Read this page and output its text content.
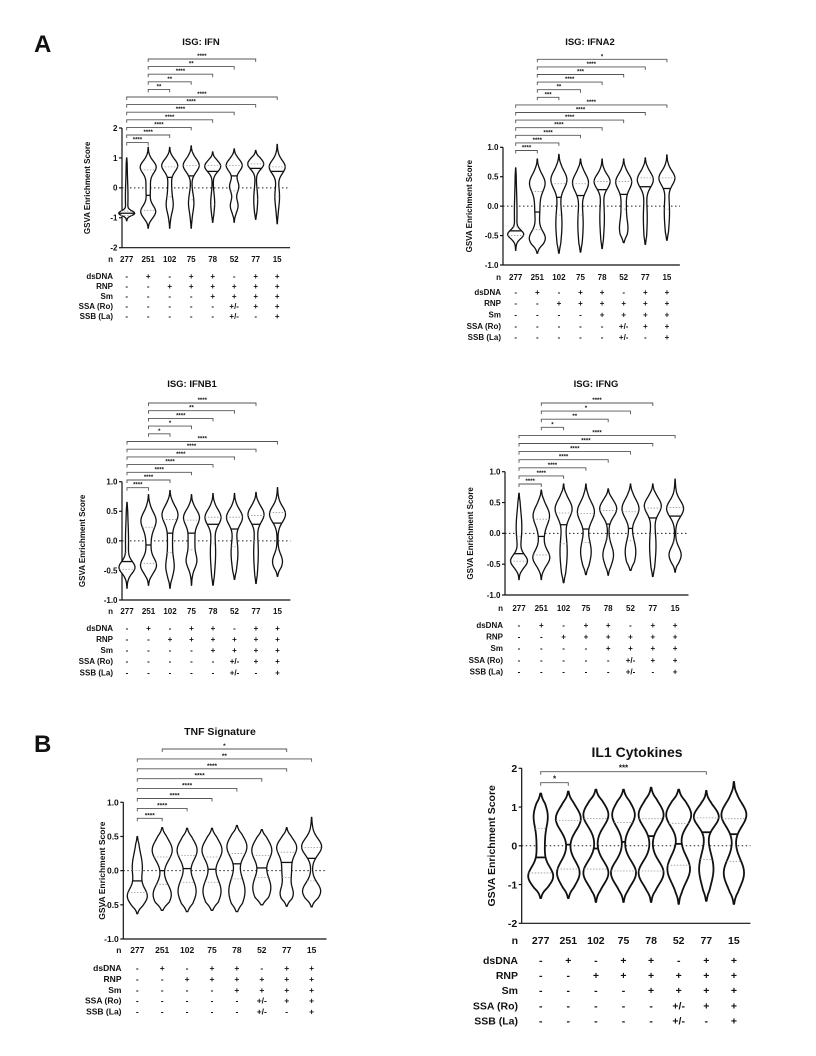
A
B
ISG: IFN
GSVA Enrichment Score
2
1
0
-1
-2
277 251 102 75 78 52 77 15
n
dsDNA - + - + + - + +
RNP - - + + + + + +
Sm - - - - + + + +
SSA (Ro) - - - - - +/- + +
SSB (La) - - - - - +/- - +
****
**
****
**
**
****
****
****
****
****
****
****
ISG: IFNA2
GSVA Enrichment Score
1.0
0.5
0.0
-0.5
-1.0
277 251 102 75 78 52 77 15
n
dsDNA - + - + + - + +
RNP - - + + + + + +
Sm - - - - + + + +
SSA (Ro) - - - - - +/- + +
SSB (La) - - - - - +/- - +
*
****
***
****
**
***
****
****
****
****
****
****
****
ISG: IFNB1
GSVA Enrichment Score
1.0
0.5
0.0
-0.5
-1.0
277 251 102 75 78 52 77 15
n
dsDNA - + - + + - + +
RNP - - + + + + + +
Sm - - - - + + + +
SSA (Ro) - - - - - +/- + +
SSB (La) - - - - - +/- - +
****
**
****
*
*
****
****
****
****
****
****
****
ISG: IFNG
GSVA Enrichment Score
1.0
0.5
0.0
-0.5
-1.0
277 251 102 75 78 52 77 15
n
dsDNA - + - + + - + +
RNP - - + + + + + +
Sm - - - - + + + +
SSA (Ro) - - - - - +/- + +
SSB (La) - - - - - +/- - +
****
*
**
*
****
****
****
****
****
****
****
TNF Signature
GSVA Enrichment Score
1.0
0.5
0.0
-0.5
-1.0
277 251 102 75 78 52 77 15
n
dsDNA - + - + + - + +
RNP -	- + + + + + +
Sm -	-	-	- + + + +
SSA (Ro) -	-	-	-	- +/- + +
SSB (La) -	-	-	-	- +/- - +
*
**
****
****
****
****
****
****
IL1 Cytokines
GSVA Enrichment Score
2
1
0
-1
-2
277 251 102 75 78 52 77 15
n
dsDNA - + - + + - + +
RNP - - + + + + + +
Sm - - - - + + + +
SSA (Ro) - - - - - +/- + +
SSB (La) - - - - - +/- - +
***
*
